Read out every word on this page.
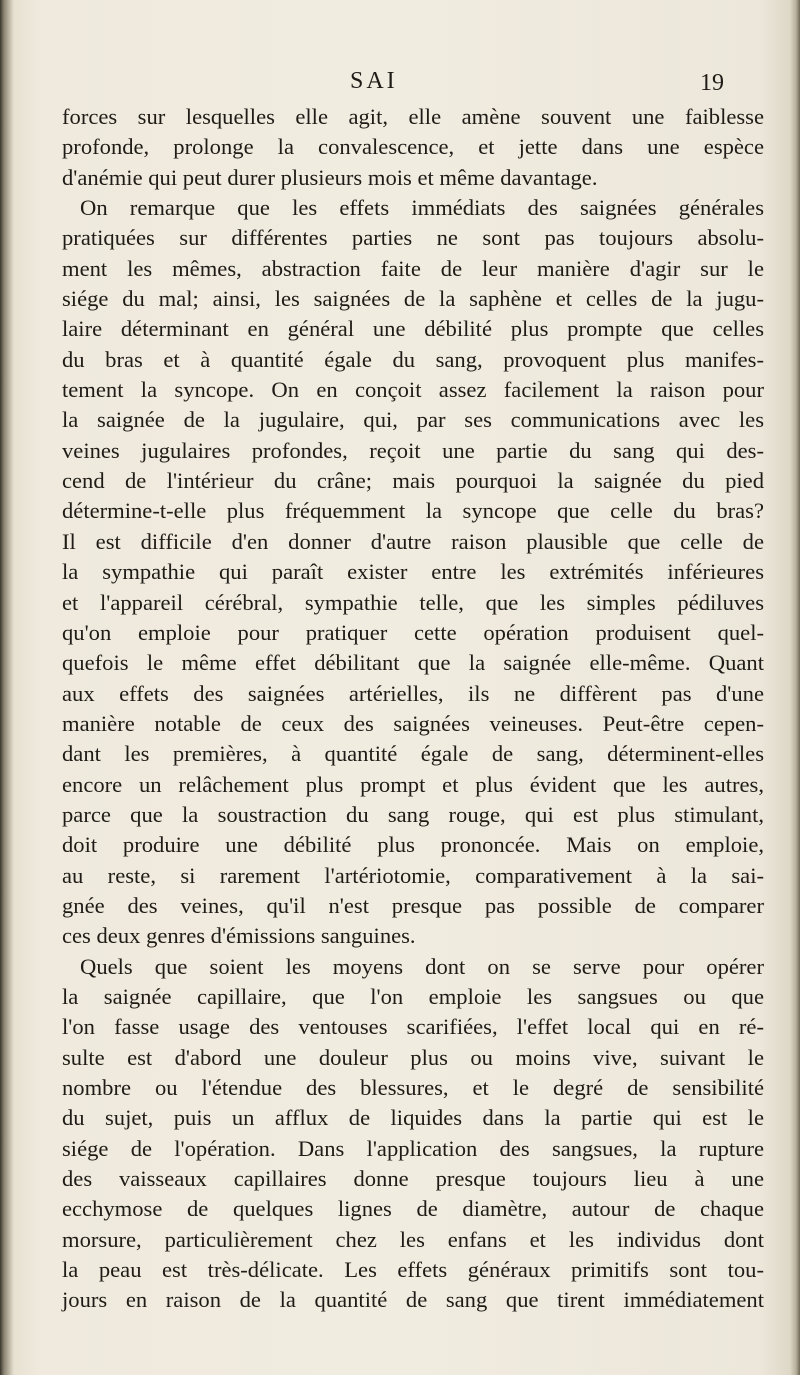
SAI	19
forces sur lesquelles elle agit, elle amène souvent une faiblesse
profonde, prolonge la convalescence, et jette dans une espèce
d'anémie qui peut durer plusieurs mois et même davantage.
On remarque que les effets immédiats des saignées générales
pratiquées sur différentes parties ne sont pas toujours absolu-
ment les mêmes, abstraction faite de leur manière d'agir sur le
siége du mal; ainsi, les saignées de la saphène et celles de la jugu-
laire déterminant en général une débilité plus prompte que celles
du bras et à quantité égale du sang, provoquent plus manifes-
tement la syncope. On en conçoit assez facilement la raison pour
la saignée de la jugulaire, qui, par ses communications avec les
veines jugulaires profondes, reçoit une partie du sang qui des-
cend de l'intérieur du crâne; mais pourquoi la saignée du pied
détermine-t-elle plus fréquemment la syncope que celle du bras?
Il est difficile d'en donner d'autre raison plausible que celle de
la sympathie qui paraît exister entre les extrémités inférieures
et l'appareil cérébral, sympathie telle, que les simples pédiluves
qu'on emploie pour pratiquer cette opération produisent quel-
quefois le même effet débilitant que la saignée elle-même. Quant
aux effets des saignées artérielles, ils ne diffèrent pas d'une
manière notable de ceux des saignées veineuses. Peut-être cepen-
dant les premières, à quantité égale de sang, déterminent-elles
encore un relâchement plus prompt et plus évident que les autres,
parce que la soustraction du sang rouge, qui est plus stimulant,
doit produire une débilité plus prononcée. Mais on emploie,
au reste, si rarement l'artériotomie, comparativement à la sai-
gnée des veines, qu'il n'est presque pas possible de comparer
ces deux genres d'émissions sanguines.
Quels que soient les moyens dont on se serve pour opérer
la saignée capillaire, que l'on emploie les sangsues ou que
l'on fasse usage des ventouses scarifiées, l'effet local qui en ré-
sulte est d'abord une douleur plus ou moins vive, suivant le
nombre ou l'étendue des blessures, et le degré de sensibilité
du sujet, puis un afflux de liquides dans la partie qui est le
siége de l'opération. Dans l'application des sangsues, la rupture
des vaisseaux capillaires donne presque toujours lieu à une
ecchymose de quelques lignes de diamètre, autour de chaque
morsure, particulièrement chez les enfans et les individus dont
la peau est très-délicate. Les effets généraux primitifs sont tou-
jours en raison de la quantité de sang que tirent immédiatement
